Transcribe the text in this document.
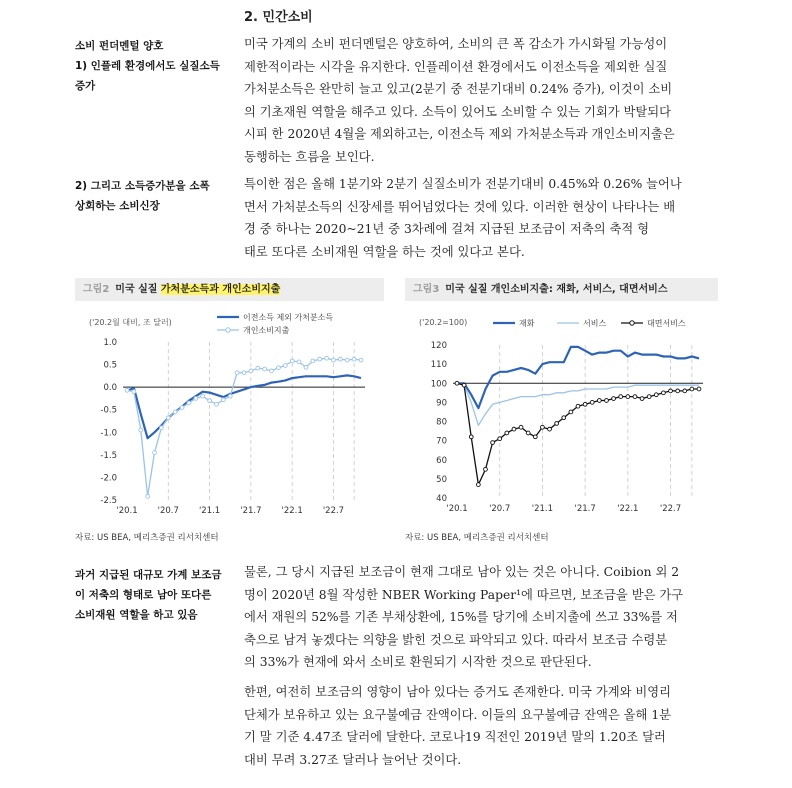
2. 민간소비
소비 펀더멘털 양호
1) 인플레 환경에서도 실질소득
증가
미국 가계의 소비 펀더멘털은 양호하여, 소비의 큰 폭 감소가 가시화될 가능성이
제한적이라는 시각을 유지한다. 인플레이션 환경에서도 이전소득을 제외한 실질
가처분소득은 완만히 늘고 있고(2분기 중 전분기대비 0.24% 증가), 이것이 소비
의 기초재원 역할을 해주고 있다. 소득이 있어도 소비할 수 있는 기회가 박탈되다
시피 한 2020년 4월을 제외하고는, 이전소득 제외 가처분소득과 개인소비지출은
동행하는 흐름을 보인다.
2) 그리고 소득증가분을 소폭
상회하는 소비신장
특이한 점은 올해 1분기와 2분기 실질소비가 전분기대비 0.45%와 0.26% 늘어나
면서 가처분소득의 신장세를 뛰어넘었다는 것에 있다. 이러한 현상이 나타나는 배
경 중 하나는 2020~21년 중 3차례에 걸쳐 지급된 보조금이 저축의 축적 형
태로 또다른 소비재원 역할을 하는 것에 있다고 본다.
그림2 미국 실질 가처분소득과 개인소비지출	그림3 미국 실질 개인소비지출: 재화, 서비스, 대면서비스
('20.2월 대비, 조 달러)
이전소득 제외 가처분소득
개인소비지출
1.0
0.5
0.0
-0.5
-1.0
-1.5
-2.0
-2.5
'20.1 '20.7 '21.1 '21.7 '22.1 '22.7
('20.2=100)	재화	서비스	대면서비스
120
110
100
90
80
70
60
50
40
'20.1	'20.7	'21.1	'21.7	'22.1	'22.7
자료: US BEA, 메리츠증권 리서치센터	자료: US BEA, 메리츠증권 리서치센터
과거 지급된 대규모 가계 보조금
이 저축의 형태로 남아 또다른
소비재원 역할을 하고 있음
물론, 그 당시 지급된 보조금이 현재 그대로 남아 있는 것은 아니다. Coibion 외 2
명이 2020년 8월 작성한 NBER Working Paper¹에 따르면, 보조금을 받은 가구
에서 재원의 52%를 기존 부채상환에, 15%를 당기에 소비지출에 쓰고 33%를 저
축으로 남겨 놓겠다는 의향을 밝힌 것으로 파악되고 있다. 따라서 보조금 수령분
의 33%가 현재에 와서 소비로 환원되기 시작한 것으로 판단된다.
한편, 여전히 보조금의 영향이 남아 있다는 증거도 존재한다. 미국 가계와 비영리
단체가 보유하고 있는 요구불예금 잔액이다. 이들의 요구불예금 잔액은 올해 1분
기 말 기준 4.47조 달러에 달한다. 코로나19 직전인 2019년 말의 1.20조 달러
대비 무려 3.27조 달러나 늘어난 것이다.
